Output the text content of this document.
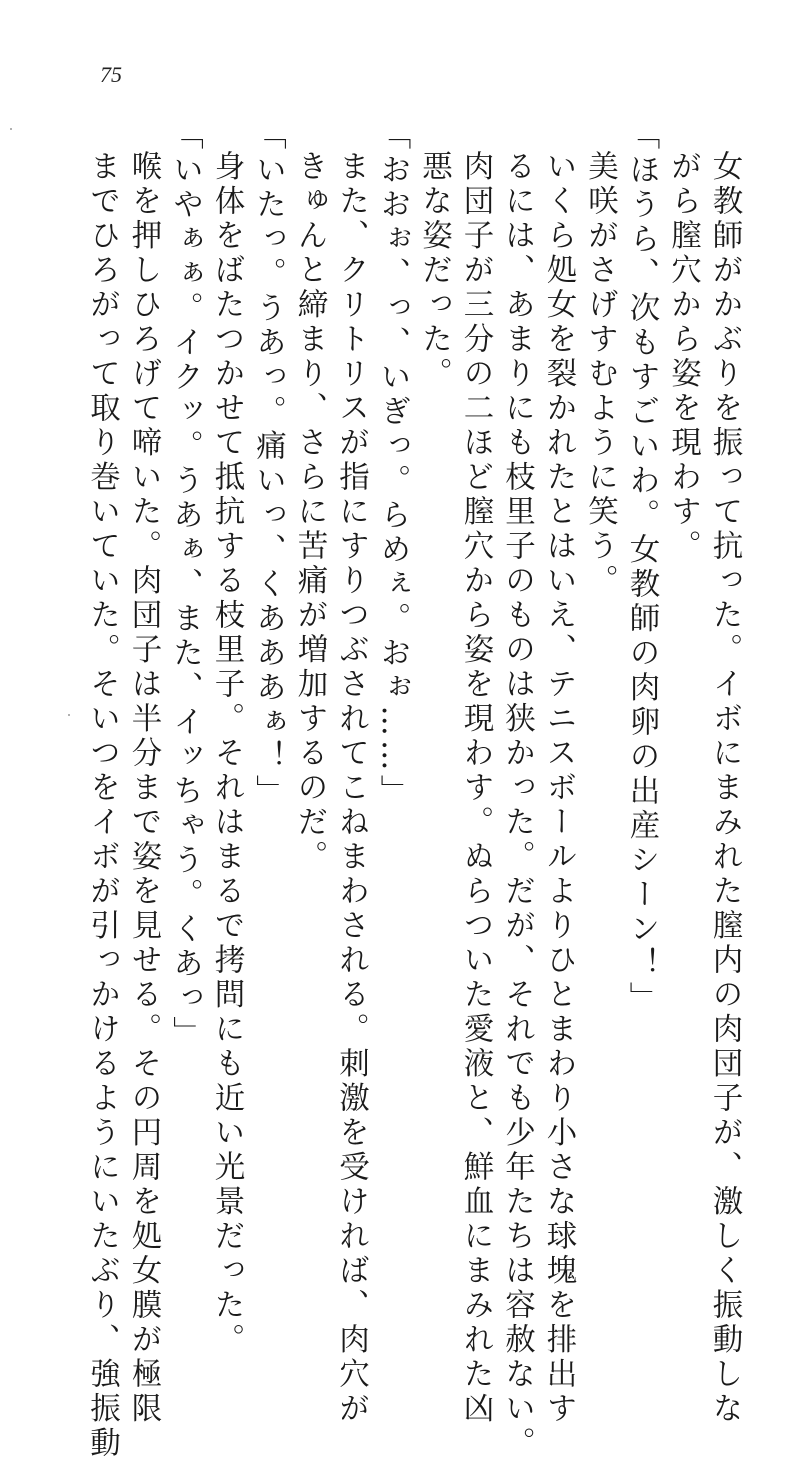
75
女教師がかぶりを振って抗った。イボにまみれた膣内の肉団子が、激しく振動しな
がら膣穴から姿を現わす。
「ほうら、次もすごいわ。女教師の肉卵の出産シーン！」
美咲がさげすむように笑う。
いくら処女を裂かれたとはいえ、テニスボールよりひとまわり小さな球塊を排出す
るには、あまりにも枝里子のものは狭かった。だが、それでも少年たちは容赦ない。
肉団子が三分の二ほど膣穴から姿を現わす。ぬらついた愛液と、鮮血にまみれた凶
悪な姿だった。
「おおぉ、っ、いぎっ。らめぇ。おぉ……」
また、クリトリスが指にすりつぶされてこねまわされる。刺激を受ければ、肉穴が
きゅんと締まり、さらに苦痛が増加するのだ。
「いたっ。うあっ。痛いっ、くあああぁ！」
身体をばたつかせて抵抗する枝里子。それはまるで拷問にも近い光景だった。
「いやぁぁ。イクッ。うあぁ、また、イッちゃう。くあっ」
喉を押しひろげて啼いた。肉団子は半分まで姿を見せる。その円周を処女膜が極限
までひろがって取り巻いていた。そいつをイボが引っかけるようにいたぶり、強振動
